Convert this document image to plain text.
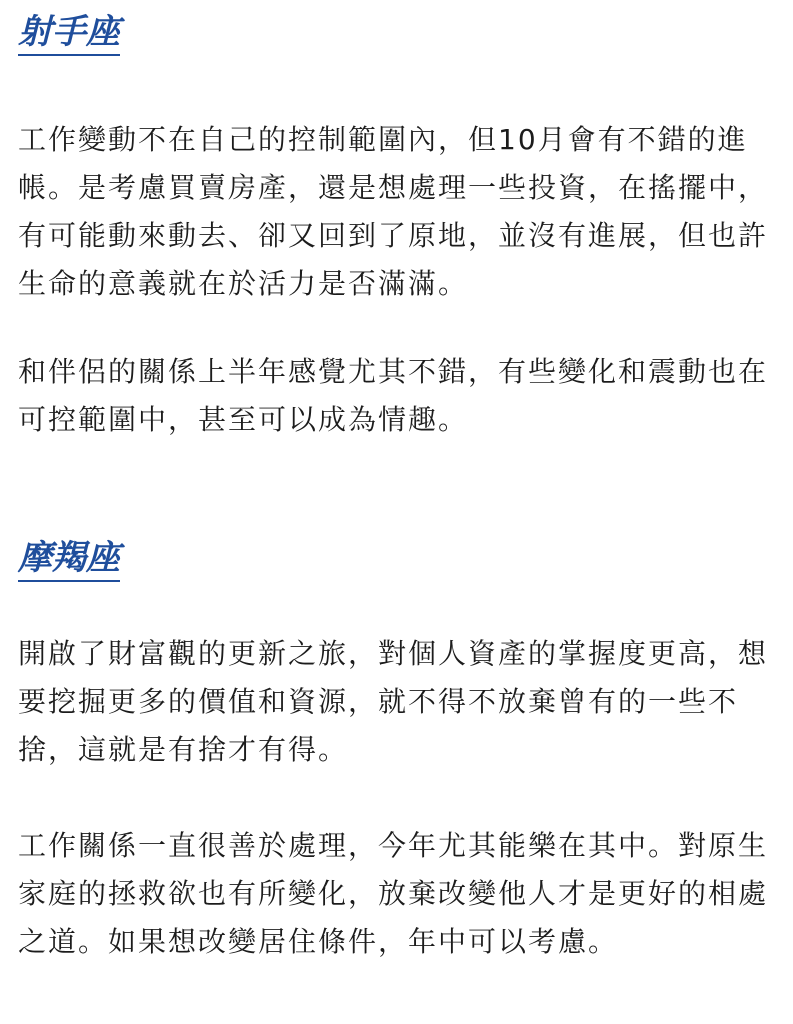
射手座

工作變動不在自己的控制範圍內，但10月會有不錯的進帳。是考慮買賣房產，還是想處理一些投資，在搖擺中，有可能動來動去、卻又回到了原地，並沒有進展，但也許生命的意義就在於活力是否滿滿。

和伴侶的關係上半年感覺尤其不錯，有些變化和震動也在可控範圍中，甚至可以成為情趣。

摩羯座

開啟了財富觀的更新之旅，對個人資產的掌握度更高，想要挖掘更多的價值和資源，就不得不放棄曾有的一些不捨，這就是有捨才有得。

工作關係一直很善於處理，今年尤其能樂在其中。對原生家庭的拯救欲也有所變化，放棄改變他人才是更好的相處之道。如果想改變居住條件，年中可以考慮。
